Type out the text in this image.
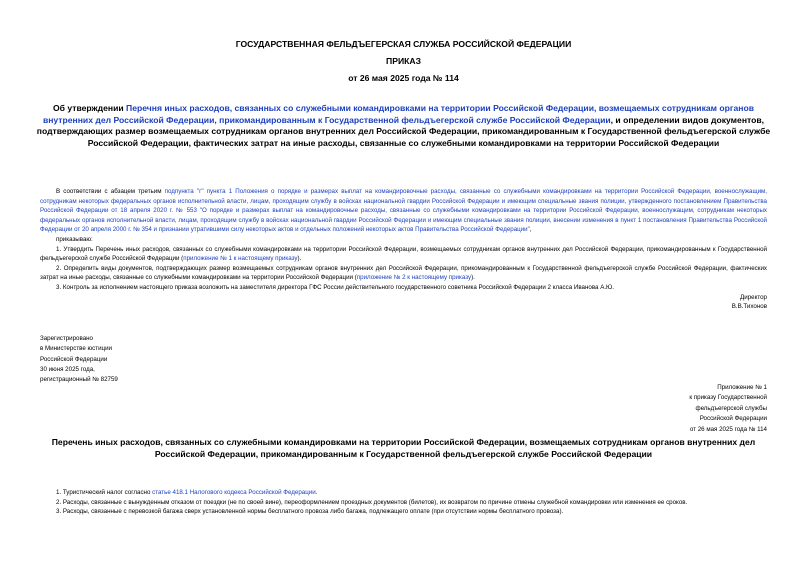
ГОСУДАРСТВЕННАЯ ФЕЛЬДЪЕГЕРСКАЯ СЛУЖБА РОССИЙСКОЙ ФЕДЕРАЦИИ
ПРИКАЗ
от 26 мая 2025 года № 114
Об утверждении Перечня иных расходов, связанных со служебными командировками на территории Российской Федерации, возмещаемых сотрудникам органов внутренних дел Российской Федерации, прикомандированным к Государственной фельдъегерской службе Российской Федерации, и определении видов документов, подтверждающих размер возмещаемых сотрудникам органов внутренних дел Российской Федерации, прикомандированным к Государственной фельдъегерской службе Российской Федерации, фактических затрат на иные расходы, связанные со служебными командировками на территории Российской Федерации

В соответствии с абзацем третьим подпункта "г" пункта 1 Положения о порядке и размерах выплат на командировочные расходы, связанные со служебными командировками на территории Российской Федерации, военнослужащим, сотрудникам некоторых федеральных органов исполнительной власти, лицам, проходящим службу в войсках национальной гвардии Российской Федерации и имеющим специальные звания полиции, утвержденного постановлением Правительства Российской Федерации от 18 апреля 2020 г. № 553 "О порядке и размерах выплат на командировочные расходы, связанные со служебными командировками на территории Российской Федерации, военнослужащим, сотрудникам некоторых федеральных органов исполнительной власти, лицам, проходящим службу в войсках национальной гвардии Российской Федерации и имеющим специальные звания полиции, внесении изменения в пункт 1 постановления Правительства Российской Федерации от 20 апреля 2000 г. № 354 и признании утратившими силу некоторых актов и отдельных положений некоторых актов Правительства Российской Федерации",

приказываю:

1. Утвердить Перечень иных расходов, связанных со служебными командировками на территории Российской Федерации, возмещаемых сотрудникам органов внутренних дел Российской Федерации, прикомандированным к Государственной фельдъегерской службе Российской Федерации (приложение № 1 к настоящему приказу).

2. Определить виды документов, подтверждающих размер возмещаемых сотрудникам органов внутренних дел Российской Федерации, прикомандированным к Государственной фельдъегерской службе Российской Федерации, фактических затрат на иные расходы, связанные со служебными командировками на территории Российской Федерации (приложение № 2 к настоящему приказу).

3. Контроль за исполнением настоящего приказа возложить на заместителя директора ГФС России действительного государственного советника Российской Федерации 2 класса Иванова А.Ю.

Директор
В.В.Тихонов
Зарегистрировано
в Министерстве юстиции
Российской Федерации
30 июня 2025 года,
регистрационный № 82759
Приложение № 1
к приказу Государственной
фельдъегерской службы
Российской Федерации
от 26 мая 2025 года № 114
Перечень иных расходов, связанных со служебными командировками на территории Российской Федерации, возмещаемых сотрудникам органов внутренних дел Российской Федерации, прикомандированным к Государственной фельдъегерской службе Российской Федерации

1. Туристический налог согласно статье 418.1 Налогового кодекса Российской Федерации.

2. Расходы, связанные с вынужденным отказом от поездки (не по своей вине), переоформлением проездных документов (билетов), их возвратом по причине отмены служебной командировки или изменения ее сроков.

3. Расходы, связанные с перевозкой багажа сверх установленной нормы бесплатного провоза либо багажа, подлежащего оплате (при отсутствии нормы бесплатного провоза).
